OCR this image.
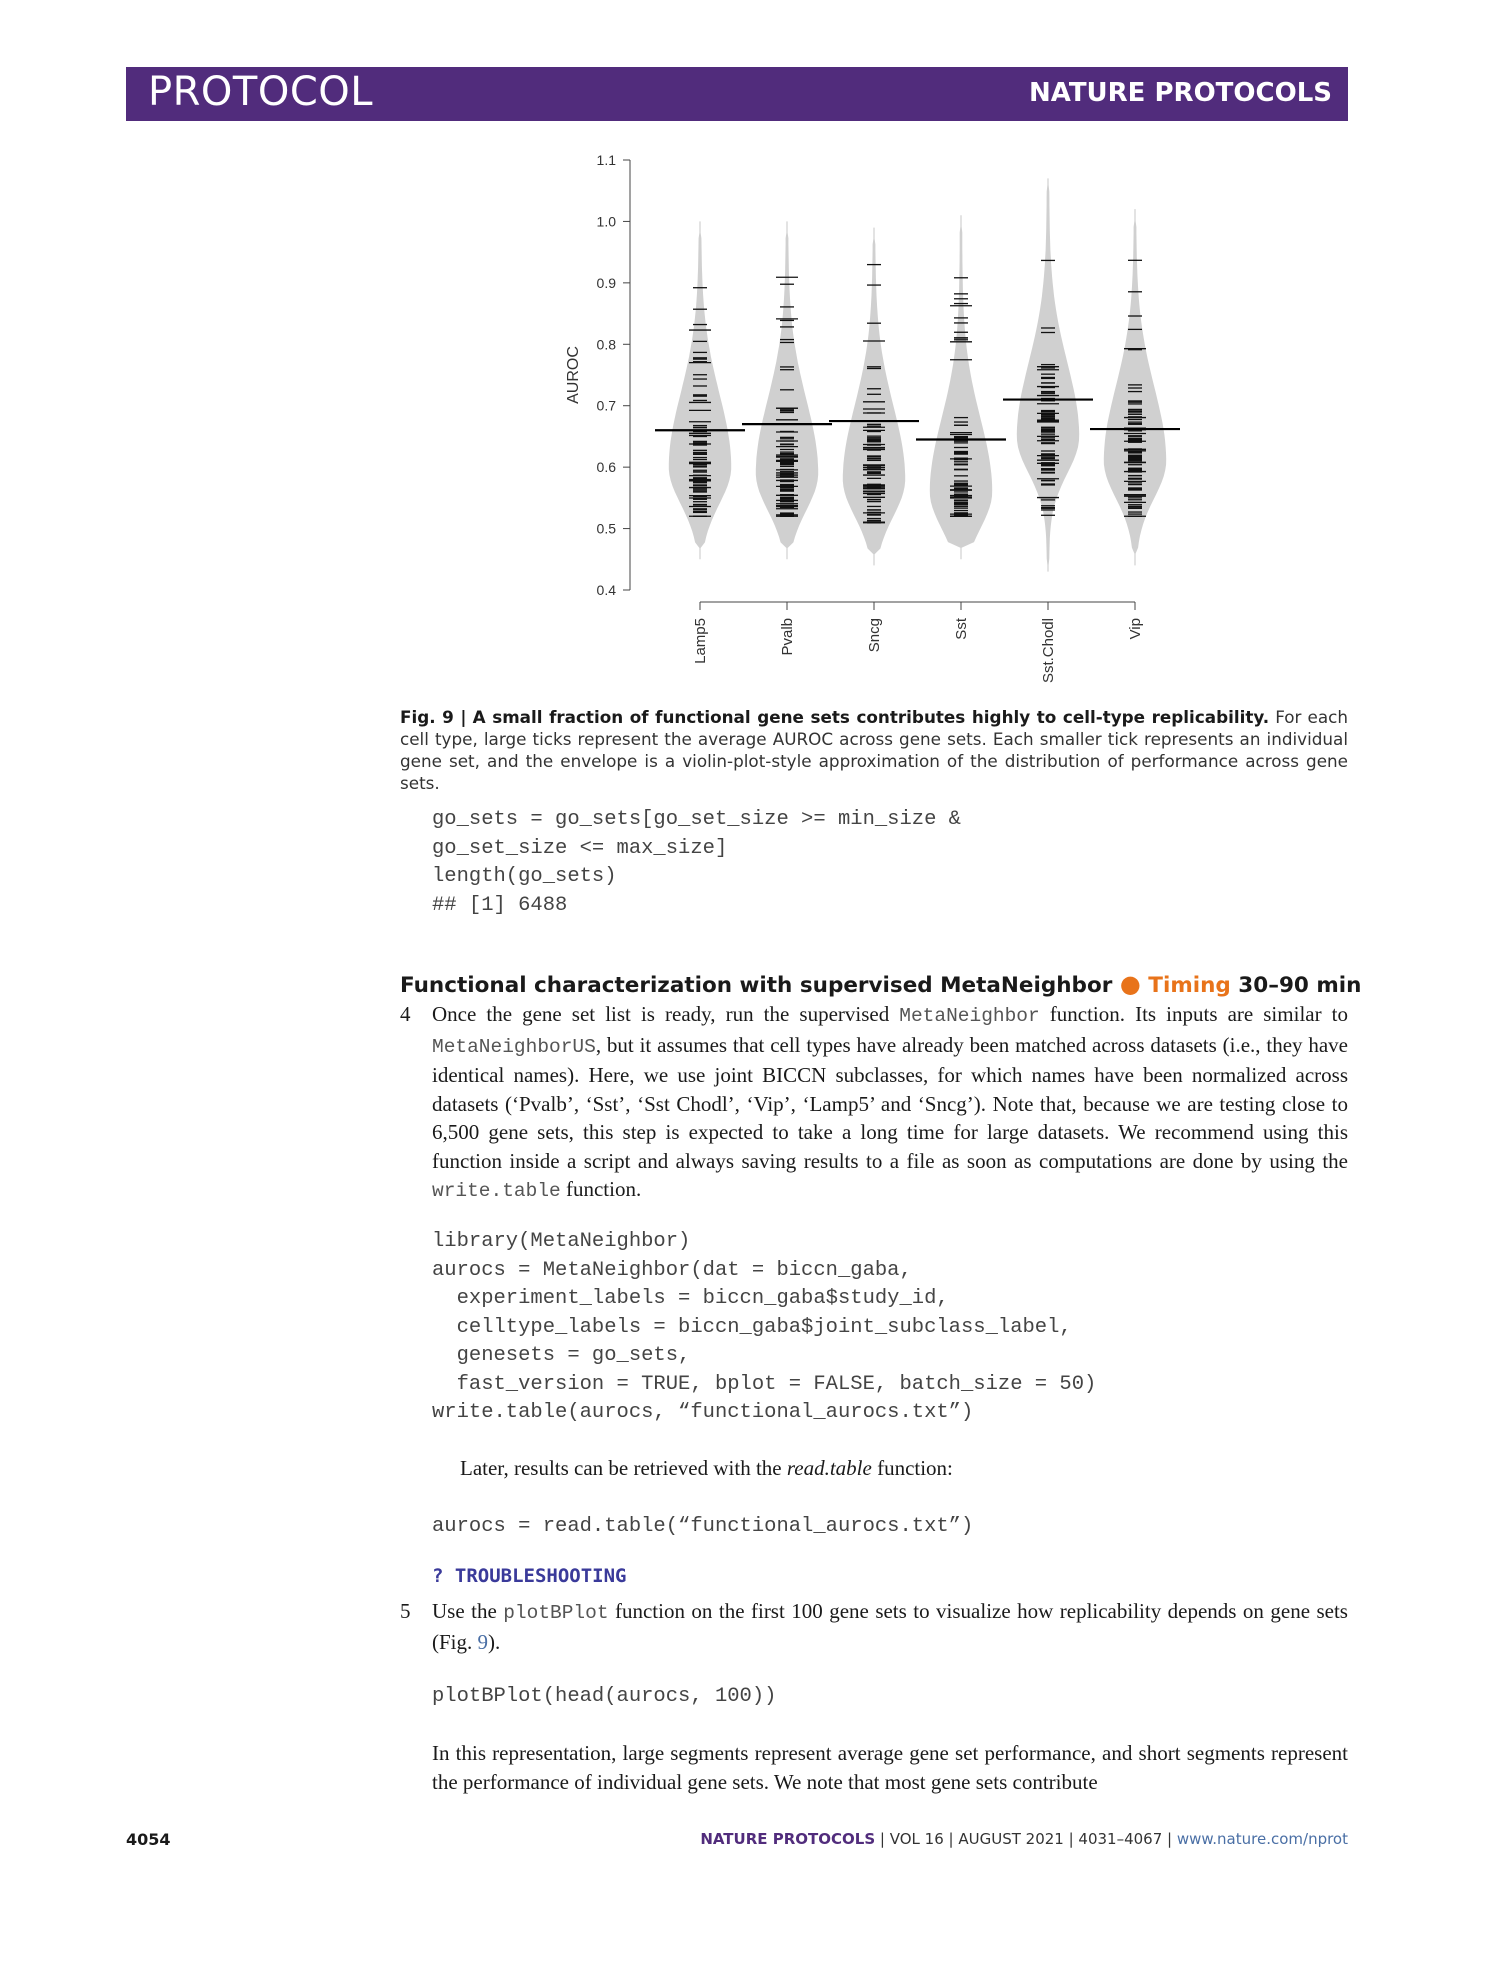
PROTOCOL	NATURE PROTOCOLS
0.4
0.5
0.6
0.7
0.8
0.9
1.0
1.1
AUROC
Lamp5	Pvalb	Sncg	Sst	Sst.Chodl	Vip
Fig. 9 | A small fraction of functional gene sets contributes highly to cell-type replicability. For each cell type, large ticks represent the average AUROC across gene sets. Each smaller tick represents an individual gene set, and the envelope is a violin-plot-style approximation of the distribution of performance across gene sets.
go_sets = go_sets[go_set_size >= min_size &
go_set_size <= max_size]
length(go_sets)
## [1] 6488
Functional characterization with supervised MetaNeighbor ● Timing 30–90 min
4 Once the gene set list is ready, run the supervised MetaNeighbor function. Its inputs are similar to MetaNeighborUS, but it assumes that cell types have already been matched across datasets (i.e., they have identical names). Here, we use joint BICCN subclasses, for which names have been normalized across datasets (‘Pvalb’, ‘Sst’, ‘Sst Chodl’, ‘Vip’, ‘Lamp5’ and ‘Sncg’). Note that, because we are testing close to 6,500 gene sets, this step is expected to take a long time for large datasets. We recommend using this function inside a script and always saving results to a file as soon as computations are done by using the write.table function.
library(MetaNeighbor)
aurocs = MetaNeighbor(dat = biccn_gaba,
experiment_labels = biccn_gaba$study_id,
celltype_labels = biccn_gaba$joint_subclass_label,
genesets = go_sets,
fast_version = TRUE, bplot = FALSE, batch_size = 50)
write.table(aurocs, “functional_aurocs.txt”)
Later, results can be retrieved with the read.table function:
aurocs = read.table(“functional_aurocs.txt”)
? TROUBLESHOOTING
5 Use the plotBPlot function on the first 100 gene sets to visualize how replicability depends on gene sets (Fig. 9).
plotBPlot(head(aurocs, 100))
In this representation, large segments represent average gene set performance, and short segments represent the performance of individual gene sets. We note that most gene sets contribute
4054	NATURE PROTOCOLS | VOL 16 | AUGUST 2021 | 4031–4067 | www.nature.com/nprot
